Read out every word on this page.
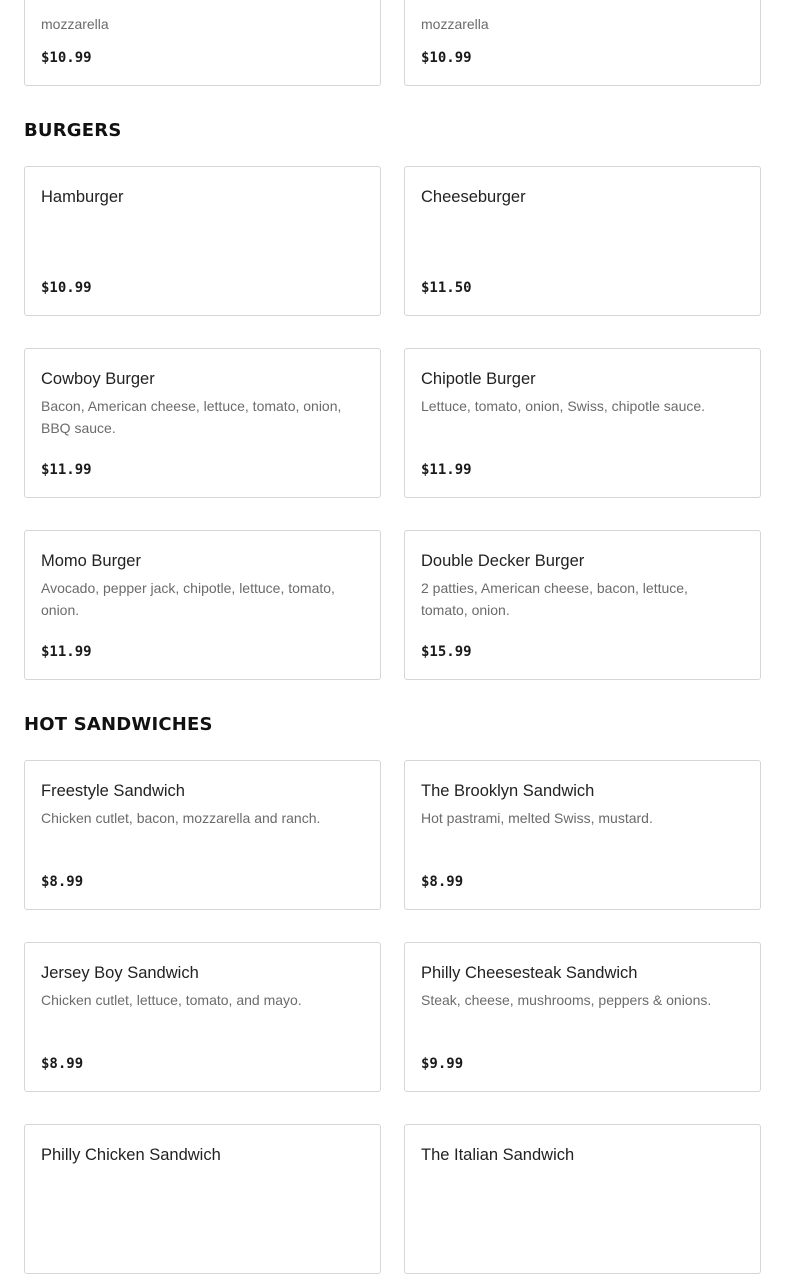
mozzarella
$10.99
mozzarella
$10.99
BURGERS
Hamburger
$10.99
Cheeseburger
$11.50
Cowboy Burger
Bacon, American cheese, lettuce, tomato, onion, BBQ sauce.
$11.99
Chipotle Burger
Lettuce, tomato, onion, Swiss, chipotle sauce.
$11.99
Momo Burger
Avocado, pepper jack, chipotle, lettuce, tomato, onion.
$11.99
Double Decker Burger
2 patties, American cheese, bacon, lettuce, tomato, onion.
$15.99
HOT SANDWICHES
Freestyle Sandwich
Chicken cutlet, bacon, mozzarella and ranch.
$8.99
The Brooklyn Sandwich
Hot pastrami, melted Swiss, mustard.
$8.99
Jersey Boy Sandwich
Chicken cutlet, lettuce, tomato, and mayo.
$8.99
Philly Cheesesteak Sandwich
Steak, cheese, mushrooms, peppers & onions.
$9.99
Philly Chicken Sandwich	The Italian Sandwich
